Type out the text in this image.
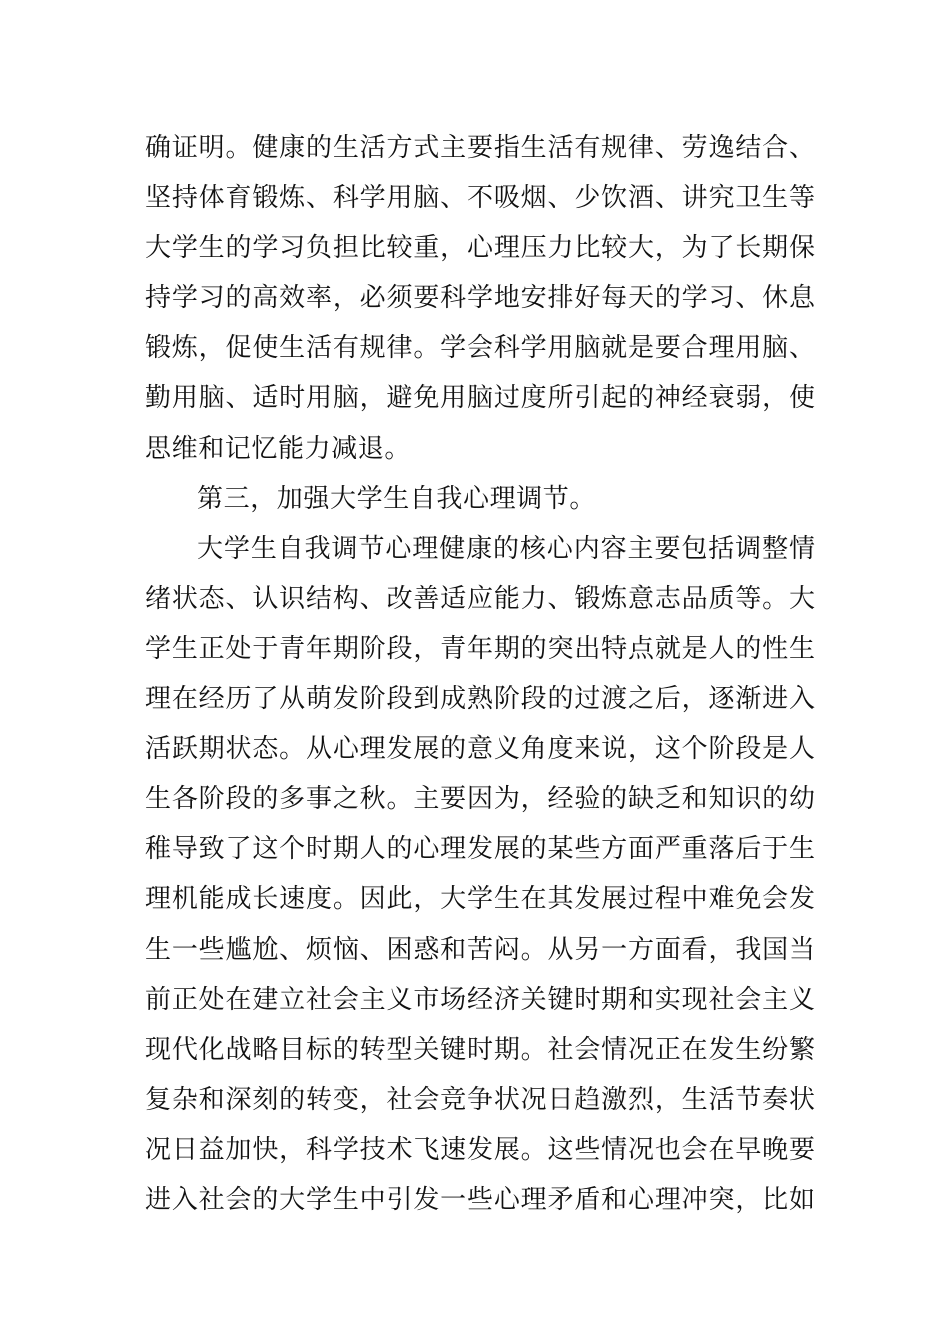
确证明。健康的生活方式主要指生活有规律、劳逸结合、
坚持体育锻炼、科学用脑、不吸烟、少饮酒、讲究卫生等
大学生的学习负担比较重，心理压力比较大，为了长期保
持学习的高效率，必须要科学地安排好每天的学习、休息
锻炼，促使生活有规律。学会科学用脑就是要合理用脑、
勤用脑、适时用脑，避免用脑过度所引起的神经衰弱，使
思维和记忆能力减退。
第三，加强大学生自我心理调节。
大学生自我调节心理健康的核心内容主要包括调整情
绪状态、认识结构、改善适应能力、锻炼意志品质等。大
学生正处于青年期阶段，青年期的突出特点就是人的性生
理在经历了从萌发阶段到成熟阶段的过渡之后，逐渐进入
活跃期状态。从心理发展的意义角度来说，这个阶段是人
生各阶段的多事之秋。主要因为，经验的缺乏和知识的幼
稚导致了这个时期人的心理发展的某些方面严重落后于生
理机能成长速度。因此，大学生在其发展过程中难免会发
生一些尴尬、烦恼、困惑和苦闷。从另一方面看，我国当
前正处在建立社会主义市场经济关键时期和实现社会主义
现代化战略目标的转型关键时期。社会情况正在发生纷繁
复杂和深刻的转变，社会竞争状况日趋激烈，生活节奏状
况日益加快，科学技术飞速发展。这些情况也会在早晚要
进入社会的大学生中引发一些心理矛盾和心理冲突，比如
